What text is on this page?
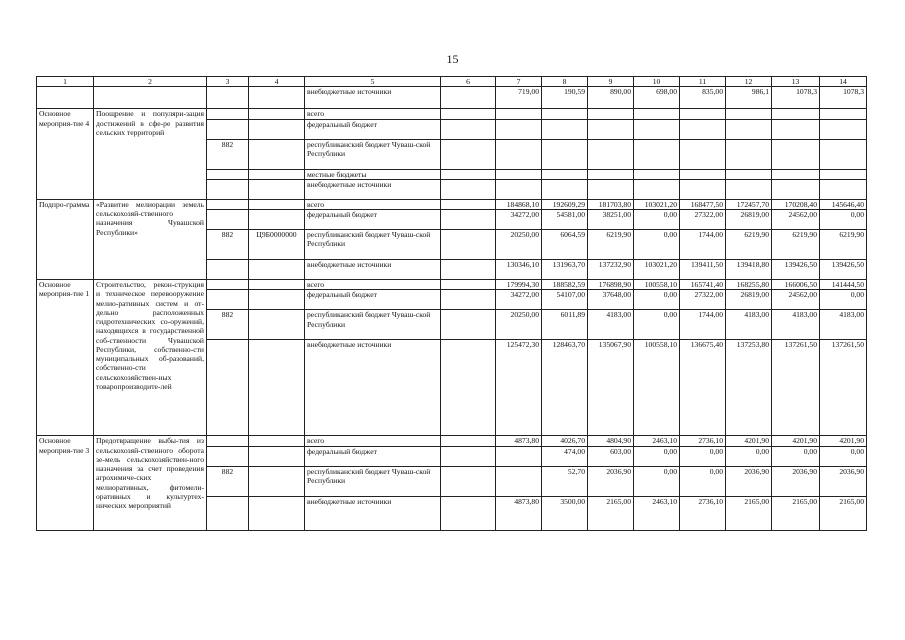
15
1	2	3	4	5	6	7	8	9	10	11	12	13	14
				внебюджетные источники		719,00	190,59	890,00	698,00	835,00	986,1	1078,3	1078,3
Основное мероприя-тие 4	Поощрение и популяри-зация достижений в сфе-ре развития сельских территорий			всего									
				федеральный бюджет									
		882		республиканский бюджет Чуваш-ской Республики									
				местные бюджеты									
				внебюджетные источники									
Подпро-грамма	«Развитие мелиорации земель сельскохозяй-ственного назначения Чувашской Республики»			всего		184868,10	192609,29	181703,80	103021,20	168477,50	172457,70	170208,40	145646,40
				федеральный бюджет		34272,00	54581,00	38251,00	0,00	27322,00	26819,00	24562,00	0,00
		882	Ц9Б0000000	республиканский бюджет Чуваш-ской Республики		20250,00	6064,59	6219,90	0,00	1744,00	6219,90	6219,90	6219,90
				внебюджетные источники		130346,10	131963,70	137232,90	103021,20	139411,50	139418,80	139426,50	139426,50
Основное мероприя-тие 1	Строительство, рекон-струкция и техническое перевооружение мелио-ративных систем и от-дельно расположенных гидротехнических со-оружений, находящихся в государственной соб-ственности Чувашской Республики, собственно-сти муниципальных об-разований, собственно-сти сельскохозяйствен-ных товаропроизводите-лей			всего		179994,30	188582,59	176898,90	100558,10	165741,40	168255,80	166006,50	141444,50
				федеральный бюджет		34272,00	54107,00	37648,00	0,00	27322,00	26819,00	24562,00	0,00
		882		республиканский бюджет Чуваш-ской Республики		20250,00	6011,89	4183,00	0,00	1744,00	4183,00	4183,00	4183,00
				внебюджетные источники		125472,30	128463,70	135067,90	100558,10	136675,40	137253,80	137261,50	137261,50
Основное мероприя-тие 3	Предотвращение выбы-тия из сельскохозяй-ственного оборота зе-мель сельскохозяйствен-ного назначения за счет проведения агрохимиче-ских мелиоративных, фитомели-оративных и культуртех-нических мероприятий			всего		4873,80	4026,70	4804,90	2463,10	2736,10	4201,90	4201,90	4201,90
				федеральный бюджет			474,00	603,00	0,00	0,00	0,00	0,00	0,00
		882		республиканский бюджет Чуваш-ской Республики			52,70	2036,90	0,00	0,00	2036,90	2036,90	2036,90
				внебюджетные источники		4873,80	3500,00	2165,00	2463,10	2736,10	2165,00	2165,00	2165,00
